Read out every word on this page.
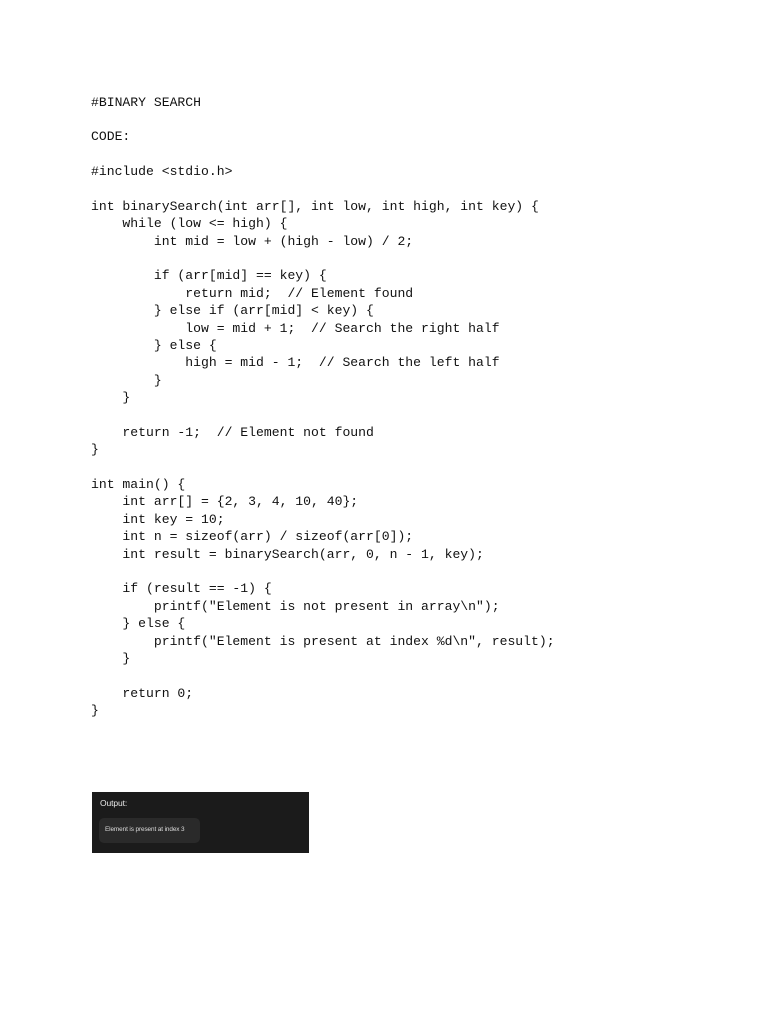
#BINARY SEARCH
CODE:
#include <stdio.h>
int binarySearch(int arr[], int low, int high, int key) {
while (low <= high) {
int mid = low + (high - low) / 2;
if (arr[mid] == key) {
return mid;  // Element found
} else if (arr[mid] < key) {
low = mid + 1;  // Search the right half
} else {
high = mid - 1;  // Search the left half
}
}
return -1;  // Element not found
}
int main() {
int arr[] = {2, 3, 4, 10, 40};
int key = 10;
int n = sizeof(arr) / sizeof(arr[0]);
int result = binarySearch(arr, 0, n - 1, key);
if (result == -1) {
printf("Element is not present in array\n");
} else {
printf("Element is present at index %d\n", result);
}
return 0;
}
Output:
Element is present at index 3
